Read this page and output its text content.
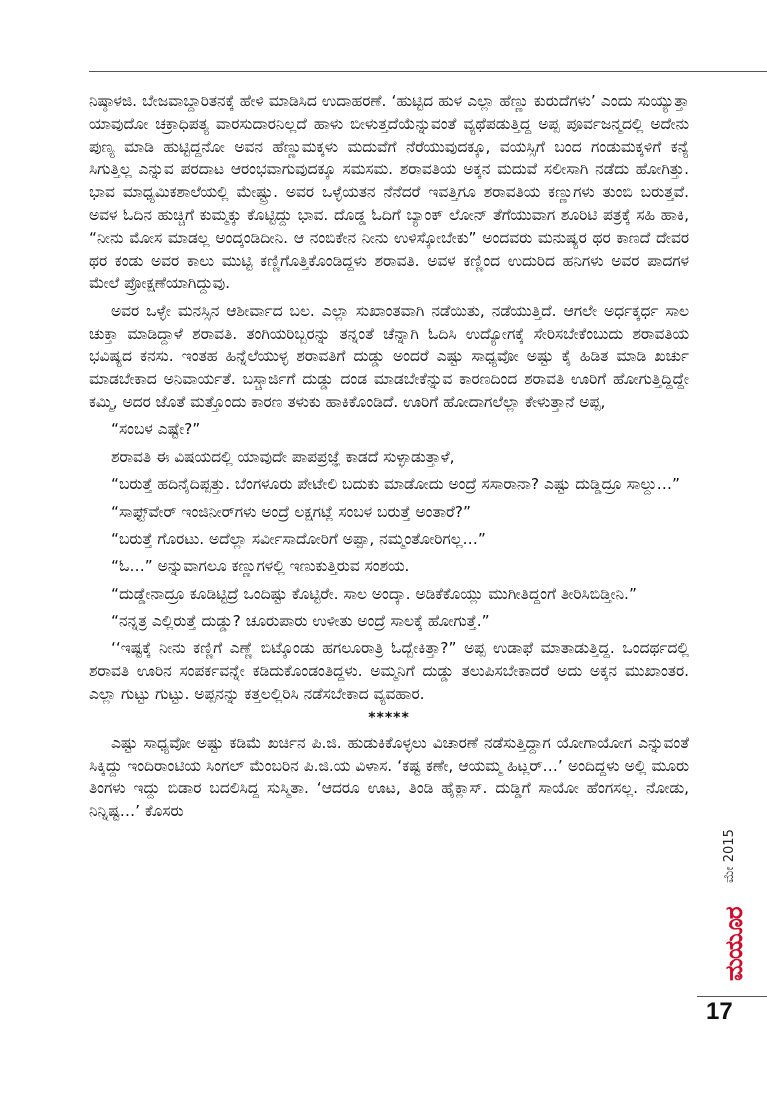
ನಿಷ್ಠಾಳಜಿ. ಬೇಜವಾಬ್ದಾರಿತನಕ್ಕೆ ಹೇಳಿ ಮಾಡಿಸಿದ ಉದಾಹರಣೆ. ‘ಹುಟ್ಟಿದ ಹುಳ ಎಲ್ಲಾ ಹೆಣ್ಣು ಕುರುದೆಗಳು’ ಎಂದು ಸುಯ್ಯುತ್ತಾ ಯಾವುದೋ ಚಕ್ರಾಧಿಪತ್ಯ ವಾರಸುದಾರನಿಲ್ಲದೆ ಹಾಳು ಬೀಳುತ್ತದೆಯೆನ್ನುವಂತೆ ವ್ಯಥೆಪಡುತ್ತಿದ್ದ ಅಪ್ಪ ಪೂರ್ವಜನ್ಮದಲ್ಲಿ ಅದೇನು ಪುಣ್ಯ ಮಾಡಿ ಹುಟ್ಟಿದ್ದನೋ ಅವನ ಹೆಣ್ಣುಮಕ್ಕಳು ಮದುವೆಗೆ ನೆರೆಯುವುದಕ್ಕೂ, ವಯಸ್ಸಿಗೆ ಬಂದ ಗಂಡುಮಕ್ಕಳಿಗೆ ಕನ್ಯೆ ಸಿಗುತ್ತಿಲ್ಲ ಎನ್ನುವ ಪರದಾಟ ಆರಂಭವಾಗುವುದಕ್ಕೂ ಸಮಸಮ. ಶರಾವತಿಯ ಅಕ್ಕನ ಮದುವೆ ಸಲೀಸಾಗಿ ನಡೆದು ಹೋಗಿತ್ತು. ಭಾವ ಮಾಧ್ಯಮಿಕಶಾಲೆಯಲ್ಲಿ ಮೇಷ್ಟ್ರು. ಅವರ ಒಳ್ಳೆಯತನ ನೆನೆದರೆ ಇವತ್ತಿಗೂ ಶರಾವತಿಯ ಕಣ್ಣುಗಳು ತುಂಬಿ ಬರುತ್ತವೆ. ಅವಳ ಓದಿನ ಹುಚ್ಚಿಗೆ ಕುಮ್ಮಕ್ಕು ಕೊಟ್ಟಿದ್ದು ಭಾವ. ದೊಡ್ಡ ಓದಿಗೆ ಬ್ಯಾಂಕ್ ಲೋನ್ ತೆಗೆಯುವಾಗ ಶೂರಿಟಿ ಪತ್ರಕ್ಕೆ ಸಹಿ ಹಾಕಿ, “ನೀನು ಮೋಸ ಮಾಡಲ್ಲ ಅಂದ್ಕಂಡಿದೀನಿ. ಆ ನಂಬಿಕೇನ ನೀನು ಉಳಿಸ್ಕೋಬೇಕು” ಅಂದವರು ಮನುಷ್ಯರ ಥರ ಕಾಣದೆ ದೇವರ ಥರ ಕಂಡು ಅವರ ಕಾಲು ಮುಟ್ಟಿ ಕಣ್ಣಿಗೊತ್ತಿಕೊಂಡಿದ್ದಳು ಶರಾವತಿ. ಅವಳ ಕಣ್ಣಿಂದ ಉದುರಿದ ಹನಿಗಳು ಅವರ ಪಾದಗಳ ಮೇಲೆ ಪ್ರೋಕ್ಷಣೆಯಾಗಿದ್ದುವು.

ಅವರ ಒಳ್ಳೇ ಮನಸ್ಸಿನ ಆಶೀರ್ವಾದ ಬಲ. ಎಲ್ಲಾ ಸುಖಾಂತವಾಗಿ ನಡೆಯಿತು, ನಡೆಯುತ್ತಿದೆ. ಆಗಲೇ ಅರ್ಧಕ್ಕರ್ಧ ಸಾಲ ಚುಕ್ತಾ ಮಾಡಿದ್ದಾಳೆ ಶರಾವತಿ. ತಂಗಿಯರಿಬ್ಬರನ್ನು ತನ್ನಂತೆ ಚೆನ್ನಾಗಿ ಓದಿಸಿ ಉದ್ಯೋಗಕ್ಕೆ ಸೇರಿಸಬೇಕೆಂಬುದು ಶರಾವತಿಯ ಭವಿಷ್ಯದ ಕನಸು. ಇಂತಹ ಹಿನ್ನೆಲೆಯುಳ್ಳ ಶರಾವತಿಗೆ ದುಡ್ಡು ಅಂದರೆ ಎಷ್ಟು ಸಾಧ್ಯವೋ ಅಷ್ಟು ಕೈ ಹಿಡಿತ ಮಾಡಿ ಖರ್ಚು ಮಾಡಬೇಕಾದ ಅನಿವಾರ್ಯತೆ. ಬಸ್ಚಾರ್ಜಿಗೆ ದುಡ್ಡು ದಂಡ ಮಾಡಬೇಕೆನ್ನುವ ಕಾರಣದಿಂದ ಶರಾವತಿ ಊರಿಗೆ ಹೋಗುತ್ತಿದ್ದಿದ್ದೇ ಕಮ್ಮಿ, ಅದರ ಜೊತೆ ಮತ್ತೊಂದು ಕಾರಣ ತಳುಕು ಹಾಕಿಕೊಂಡಿದೆ. ಊರಿಗೆ ಹೋದಾಗಲೆಲ್ಲಾ ಕೇಳುತ್ತಾನೆ ಅಪ್ಪ,

“ಸಂಬಳ ಎಷ್ಟೇ?”

ಶರಾವತಿ ಈ ವಿಷಯದಲ್ಲಿ ಯಾವುದೇ ಪಾಪಪ್ರಜ್ಞೆ ಕಾಡದೆ ಸುಳ್ಳಾಡುತ್ತಾಳೆ,

“ಬರುತ್ತೆ ಹದಿನೈದಿಪ್ಪತ್ತು. ಬೆಂಗಳೂರು ಪೇಟೇಲಿ ಬದುಕು ಮಾಡೋದು ಅಂದ್ರೆ ಸಸಾರಾನಾ? ಎಷ್ಟು ದುಡ್ಡಿದ್ರೂ ಸಾಲ್ದು…”

“ಸಾಫ್ಟ್‌ವೇರ್ ಇಂಜಿನೀರ್‌ಗಳು ಅಂದ್ರೆ ಲಕ್ಷಗಟ್ಲೆ ಸಂಬಳ ಬರುತ್ತೆ ಅಂತಾರೆ?”

“ಬರುತ್ತೆ ಗೊರಟು. ಅದೆಲ್ಲಾ ಸರ್ವೀಸಾದೋರಿಗೆ ಅಪ್ಪಾ, ನಮ್ಮಂತೋರಿಗಲ್ಲ…”

“ಓ…” ಅನ್ನುವಾಗಲೂ ಕಣ್ಣುಗಳಲ್ಲಿ ಇಣುಕುತ್ತಿರುವ ಸಂಶಯ.

“ದುಡ್ಡೇನಾದ್ರೂ ಕೂಡಿಟ್ಟಿದ್ರೆ ಒಂದಿಷ್ಟು ಕೊಟ್ಟಿರೇ. ಸಾಲ ಅಂದ್ಕಾ. ಅಡಿಕೆಕೊಯ್ಲು ಮುಗೀತಿದ್ದಂಗೆ ತೀರಿಸಿಬಿಡ್ತೀನಿ.”

“ನನ್ನತ್ರ ಎಲ್ಲಿರುತ್ತೆ ದುಡ್ಡು? ಚೂರುಪಾರು ಉಳೀತು ಅಂದ್ರೆ ಸಾಲಕ್ಕೆ ಹೋಗುತ್ತೆ.”

‘‘ಇಷ್ಟಕ್ಕೆ ನೀನು ಕಣ್ಣಿಗೆ ಎಣ್ಣೆ ಬಿಟ್ಕೊಂಡು ಹಗಲೂರಾತ್ರಿ ಓದ್ಬೇಕಿತ್ತಾ?” ಅಪ್ಪ ಉಡಾಫೆ ಮಾತಾಡುತ್ತಿದ್ದ. ಒಂದರ್ಥದಲ್ಲಿ ಶರಾವತಿ ಊರಿನ ಸಂಪರ್ಕವನ್ನೇ ಕಡಿದುಕೊಂಡಂತಿದ್ದಳು. ಅಮ್ಮನಿಗೆ ದುಡ್ಡು ತಲುಪಿಸಬೇಕಾದರೆ ಅದು ಅಕ್ಕನ ಮುಖಾಂತರ. ಎಲ್ಲಾ ಗುಟ್ಟು ಗುಟ್ಟು. ಅಪ್ಪನನ್ನು ಕತ್ತಲಲ್ಲಿರಿಸಿ ನಡೆಸಬೇಕಾದ ವ್ಯವಹಾರ.

*****

ಎಷ್ಟು ಸಾಧ್ಯವೋ ಅಷ್ಟು ಕಡಿಮೆ ಖರ್ಚಿನ ಪಿ.ಜಿ. ಹುಡುಕಿಕೊಳ್ಳಲು ವಿಚಾರಣೆ ನಡೆಸುತ್ತಿದ್ದಾಗ ಯೋಗಾಯೋಗ ಎನ್ನುವಂತೆ ಸಿಕ್ಕಿದ್ದು ಇಂದಿರಾಂಟಿಯ ಸಿಂಗಲ್ ಮೆಂಬರಿನ ಪಿ.ಜಿ.ಯ ವಿಳಾಸ. ‘ಕಷ್ಟ ಕಣೇ, ಆಯಮ್ಮ ಹಿಟ್ಲರ್…’ ಅಂದಿದ್ದಳು ಅಲ್ಲಿ ಮೂರು ತಿಂಗಳು ಇದ್ದು ಬಿಡಾರ ಬದಲಿಸಿದ್ದ ಸುಸ್ಮಿತಾ. ‘ಆದರೂ ಊಟ, ತಿಂಡಿ ಹೈಕ್ಲಾಸ್. ದುಡ್ಡಿಗೆ ಸಾಯೋ ಹೆಂಗಸಲ್ಲ. ನೋಡು, ನಿನ್ನಿಷ್ಟ…’ ಕೊಸರು

ಮೇ 2015
ಮಯೂರ
17
